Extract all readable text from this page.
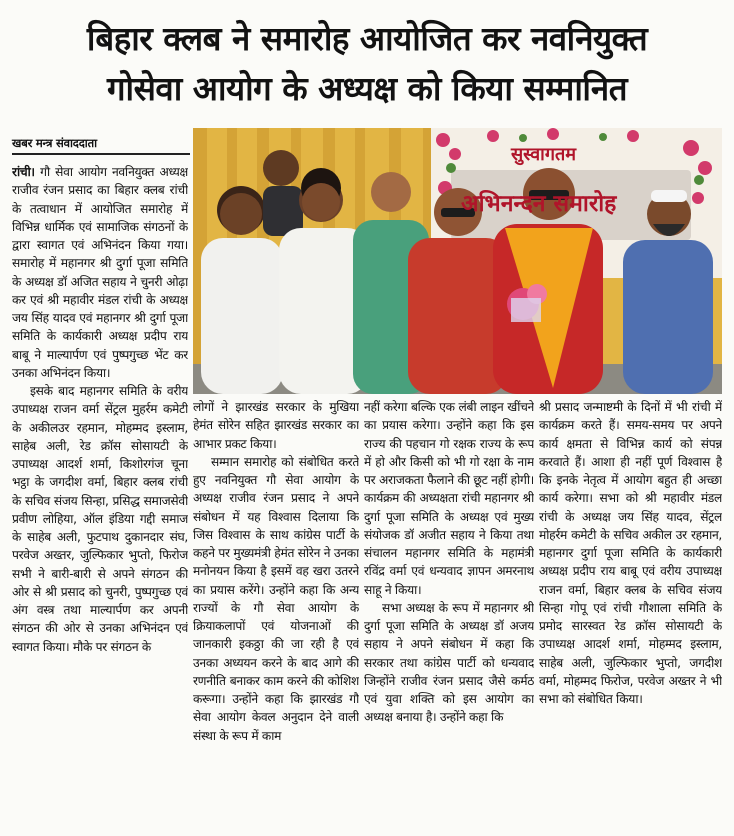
बिहार क्लब ने समारोह आयोजित कर नवनियुक्त
गोसेवा आयोग के अध्यक्ष को किया सम्मानित
खबर मन्त्र संवाददाता

रांची। गौ सेवा आयोग नवनियुक्त अध्यक्ष राजीव रंजन प्रसाद का बिहार क्लब रांची के तत्वाधान में आयोजित समारोह में विभिन्न धार्मिक एवं सामाजिक संगठनों के द्वारा स्वागत एवं अभिनंदन किया गया। समारोह में महानगर श्री दुर्गा पूजा समिति के अध्यक्ष डॉ अजित सहाय ने चुनरी ओढ़ा कर एवं श्री महावीर मंडल रांची के अध्यक्ष जय सिंह यादव एवं महानगर श्री दुर्गा पूजा समिति के कार्यकारी अध्यक्ष प्रदीप राय बाबू ने माल्यार्पण एवं पुष्पगुच्छ भेंट कर उनका अभिनंदन किया।

इसके बाद महानगर समिति के वरीय उपाध्यक्ष राजन वर्मा सेंट्रल मुहर्रम कमेटी के अकीलउर रहमान, मोहम्मद इस्लाम, साहेब अली, रेड क्रॉस सोसायटी के उपाध्यक्ष आदर्श शर्मा, किशोरगंज चूना भट्ठा के जगदीश वर्मा, बिहार क्लब रांची के सचिव संजय सिन्हा, प्रसिद्ध समाजसेवी प्रवीण लोहिया, ऑल इंडिया गद्दी समाज के साहेब अली, फुटपाथ दुकानदार संघ, परवेज अख्तर, जुल्फिकार भुप्तो, फिरोज सभी ने बारी-बारी से अपने संगठन की ओर से श्री प्रसाद को चुनरी, पुष्पगुच्छ एवं अंग वस्त्र तथा माल्यार्पण कर अपनी संगठन की ओर से उनका अभिनंदन एवं स्वागत किया। मौके पर संगठन के

सुस्वागतम
अभिनन्दन समारोह

लोगों ने झारखंड सरकार के मुखिया हेमंत सोरेन सहित झारखंड सरकार का आभार प्रकट किया।

सम्मान समारोह को संबोधित करते हुए नवनियुक्त गौ सेवा आयोग के अध्यक्ष राजीव रंजन प्रसाद ने अपने संबोधन में यह विश्वास दिलाया कि जिस विश्वास के साथ कांग्रेस पार्टी के कहने पर मुख्यमंत्री हेमंत सोरेन ने उनका मनोनयन किया है इसमें वह खरा उतरने का प्रयास करेंगे। उन्होंने कहा कि अन्य राज्यों के गौ सेवा आयोग के क्रियाकलापों एवं योजनाओं की जानकारी इकठ्ठा की जा रही है एवं उनका अध्ययन करने के बाद आगे की रणनीति बनाकर काम करने की कोशिश करूगा। उन्होंने कहा कि झारखंड गौ सेवा आयोग केवल अनुदान देने वाली संस्था के रूप में काम

नहीं करेगा बल्कि एक लंबी लाइन खींचने का प्रयास करेगा। उन्होंने कहा कि इस राज्य की पहचान गो रक्षक राज्य के रूप में हो और किसी को भी गो रक्षा के नाम पर अराजकता फैलाने की छूट नहीं होगी। कार्यक्रम की अध्यक्षता रांची महानगर श्री दुर्गा पूजा समिति के अध्यक्ष एवं मुख्य संयोजक डॉ अजीत सहाय ने किया तथा संचालन महानगर समिति के महामंत्री रविंद्र वर्मा एवं धन्यवाद ज्ञापन अमरनाथ साहू ने किया।

सभा अध्यक्ष के रूप में महानगर श्री दुर्गा पूजा समिति के अध्यक्ष डॉ अजय सहाय ने अपने संबोधन में कहा कि सरकार तथा कांग्रेस पार्टी को धन्यवाद जिन्होंने राजीव रंजन प्रसाद जैसे कर्मठ एवं युवा शक्ति को इस आयोग का अध्यक्ष बनाया है। उन्होंने कहा कि

श्री प्रसाद जन्माष्टमी के दिनों में भी रांची में कार्यक्रम करते हैं। समय-समय पर अपने कार्य क्षमता से विभिन्न कार्य को संपन्न करवाते हैं। आशा ही नहीं पूर्ण विश्वास है कि इनके नेतृत्व में आयोग बहुत ही अच्छा कार्य करेगा। सभा को श्री महावीर मंडल रांची के अध्यक्ष जय सिंह यादव, सेंट्रल मोहर्रम कमेटी के सचिव अकील उर रहमान, महानगर दुर्गा पूजा समिति के कार्यकारी अध्यक्ष प्रदीप राय बाबू एवं वरीय उपाध्यक्ष राजन वर्मा, बिहार क्लब के सचिव संजय सिन्हा गोपू एवं रांची गौशाला समिति के प्रमोद सारस्वत रेड क्रॉस सोसायटी के उपाध्यक्ष आदर्श शर्मा, मोहम्मद इस्लाम, साहेब अली, जुल्फिकार भुप्तो, जगदीश वर्मा, मोहम्मद फिरोज, परवेज अख्तर ने भी सभा को संबोधित किया।
